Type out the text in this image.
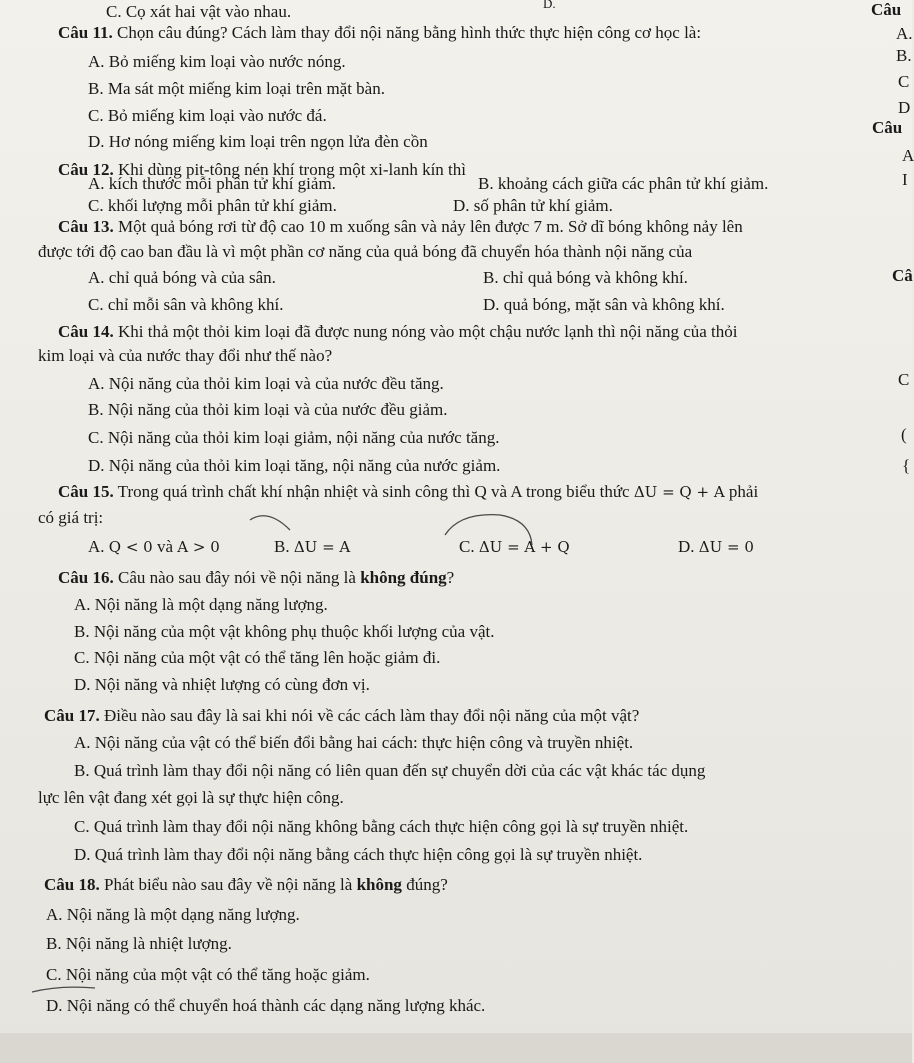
C. Cọ xát hai vật vào nhau.	D.
Câu 11. Chọn câu đúng? Cách làm thay đổi nội năng bằng hình thức thực hiện công cơ học là:
A. Bỏ miếng kim loại vào nước nóng.
B. Ma sát một miếng kim loại trên mặt bàn.
C. Bỏ miếng kim loại vào nước đá.
D. Hơ nóng miếng kim loại trên ngọn lửa đèn cồn
Câu 12. Khi dùng pit-tông nén khí trong một xi-lanh kín thì
A. kích thước mỗi phân tử khí giảm.	B. khoảng cách giữa các phân tử khí giảm.
C. khối lượng mỗi phân tử khí giảm.	D. số phân tử khí giảm.
Câu 13. Một quả bóng rơi từ độ cao 10 m xuống sân và nảy lên được 7 m. Sở dĩ bóng không nảy lên
được tới độ cao ban đầu là vì một phần cơ năng của quả bóng đã chuyển hóa thành nội năng của
A. chỉ quả bóng và của sân.	B. chỉ quả bóng và không khí.
C. chỉ mỗi sân và không khí.	D. quả bóng, mặt sân và không khí.
Câu 14. Khi thả một thỏi kim loại đã được nung nóng vào một chậu nước lạnh thì nội năng của thỏi
kim loại và của nước thay đổi như thế nào?
A. Nội năng của thỏi kim loại và của nước đều tăng.
B. Nội năng của thỏi kim loại và của nước đều giảm.
C. Nội năng của thỏi kim loại giảm, nội năng của nước tăng.
D. Nội năng của thỏi kim loại tăng, nội năng của nước giảm.
Câu 15. Trong quá trình chất khí nhận nhiệt và sinh công thì Q và A trong biểu thức ΔU = Q + A phải
có giá trị:
A. Q < 0 và A > 0	B. ΔU = A	C. ΔU = A + Q	D. ΔU = 0
Câu 16. Câu nào sau đây nói về nội năng là không đúng?
A. Nội năng là một dạng năng lượng.
B. Nội năng của một vật không phụ thuộc khối lượng của vật.
C. Nội năng của một vật có thể tăng lên hoặc giảm đi.
D. Nội năng và nhiệt lượng có cùng đơn vị.
Câu 17. Điều nào sau đây là sai khi nói về các cách làm thay đổi nội năng của một vật?
A. Nội năng của vật có thể biến đổi bằng hai cách: thực hiện công và truyền nhiệt.
B. Quá trình làm thay đổi nội năng có liên quan đến sự chuyển dời của các vật khác tác dụng
lực lên vật đang xét gọi là sự thực hiện công.
C. Quá trình làm thay đổi nội năng không bằng cách thực hiện công gọi là sự truyền nhiệt.
D. Quá trình làm thay đổi nội năng bằng cách thực hiện công gọi là sự truyền nhiệt.
Câu 18. Phát biểu nào sau đây về nội năng là không đúng?
A. Nội năng là một dạng năng lượng.
B. Nội năng là nhiệt lượng.
C. Nội năng của một vật có thể tăng hoặc giảm.
D. Nội năng có thể chuyển hoá thành các dạng năng lượng khác.
Câu
A.
B.
C
D
Câu
A
I
Câ
C
(
{
